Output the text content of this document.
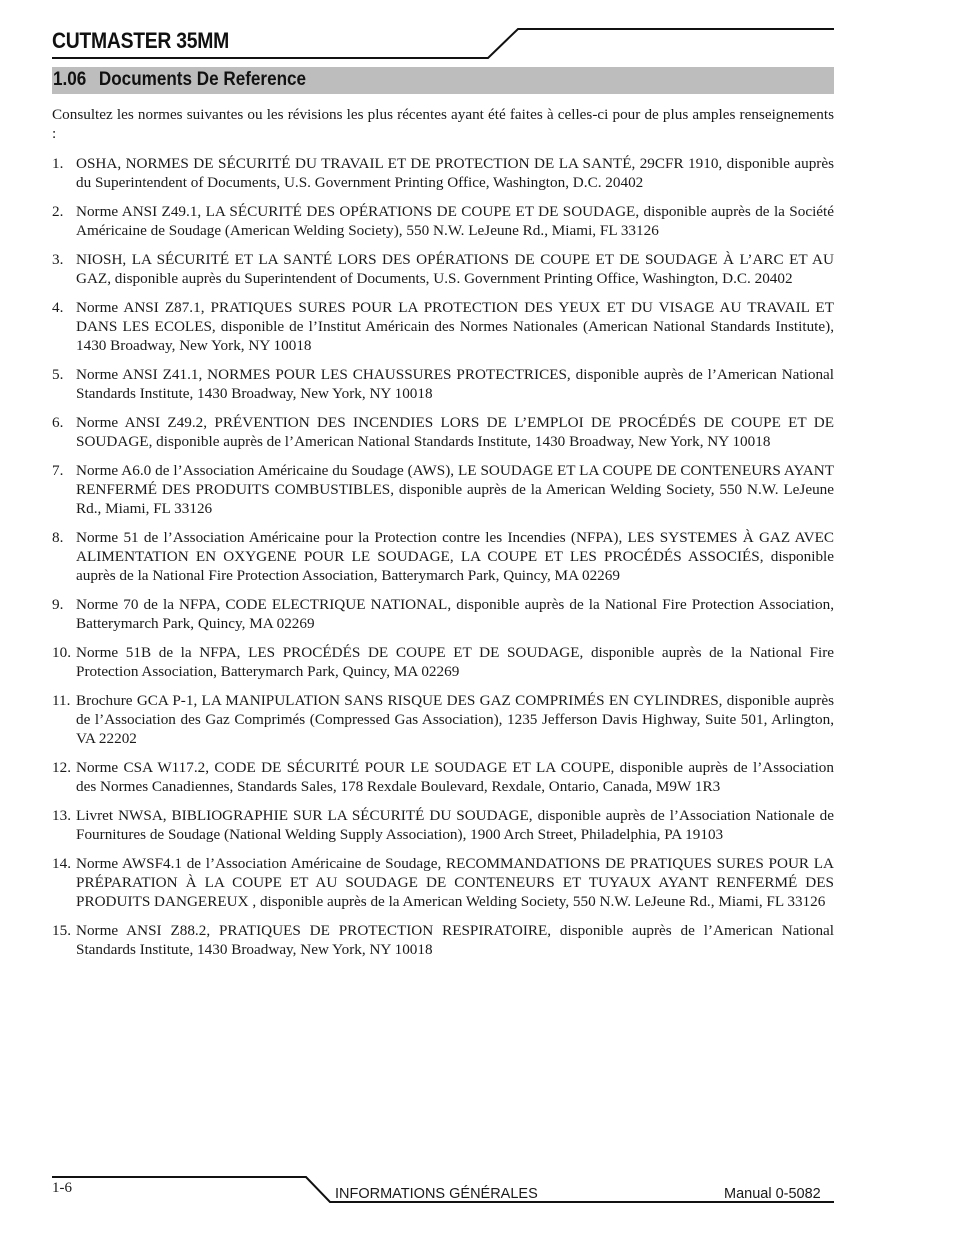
CUTMASTER 35MM
1.06 Documents De Reference
Consultez les normes suivantes ou les révisions les plus récentes ayant été faites à celles-ci pour de plus amples renseignements :
1. OSHA, NORMES DE SÉCURITÉ DU TRAVAIL ET DE PROTECTION DE LA SANTÉ, 29CFR 1910, disponible auprès du Superintendent of Documents, U.S. Government Printing Office, Washington, D.C. 20402
2. Norme ANSI Z49.1, LA SÉCURITÉ DES OPÉRATIONS DE COUPE ET DE SOUDAGE, disponible auprès de la Société Américaine de Soudage (American Welding Society), 550 N.W. LeJeune Rd., Miami, FL 33126
3. NIOSH, LA SÉCURITÉ ET LA SANTÉ LORS DES OPÉRATIONS DE COUPE ET DE SOUDAGE À L’ARC ET AU GAZ, disponible auprès du Superintendent of Documents, U.S. Government Printing Office, Washington, D.C. 20402
4. Norme ANSI Z87.1, PRATIQUES SURES POUR LA PROTECTION DES YEUX ET DU VISAGE AU TRAVAIL ET DANS LES ECOLES, disponible de l’Institut Américain des Normes Nationales (American National Standards Institute), 1430 Broadway, New York, NY 10018
5. Norme ANSI Z41.1, NORMES POUR LES CHAUSSURES PROTECTRICES, disponible auprès de l’American National Standards Institute, 1430 Broadway, New York, NY 10018
6. Norme ANSI Z49.2, PRÉVENTION DES INCENDIES LORS DE L’EMPLOI DE PROCÉDÉS DE COUPE ET DE SOUDAGE, disponible auprès de l’American National Standards Institute, 1430 Broadway, New York, NY 10018
7. Norme A6.0 de l’Association Américaine du Soudage (AWS), LE SOUDAGE ET LA COUPE DE CONTENEURS AYANT RENFERMÉ DES PRODUITS COMBUSTIBLES, disponible auprès de la American Welding Society, 550 N.W. LeJeune Rd., Miami, FL 33126
8. Norme 51 de l’Association Américaine pour la Protection contre les Incendies (NFPA), LES SYSTEMES À GAZ AVEC ALIMENTATION EN OXYGENE POUR LE SOUDAGE, LA COUPE ET LES PROCÉDÉS ASSOCIÉS, disponible auprès de la National Fire Protection Association, Batterymarch Park, Quincy, MA 02269
9. Norme 70 de la NFPA, CODE ELECTRIQUE NATIONAL, disponible auprès de la National Fire Protection Association, Batterymarch Park, Quincy, MA 02269
10. Norme 51B de la NFPA, LES PROCÉDÉS DE COUPE ET DE SOUDAGE, disponible auprès de la National Fire Protection Association, Batterymarch Park, Quincy, MA 02269
11. Brochure GCA P-1, LA MANIPULATION SANS RISQUE DES GAZ COMPRIMÉS EN CYLINDRES, disponible auprès de l’Association des Gaz Comprimés (Compressed Gas Association), 1235 Jefferson Davis Highway, Suite 501, Arlington, VA 22202
12. Norme CSA W117.2, CODE DE SÉCURITÉ POUR LE SOUDAGE ET LA COUPE, disponible auprès de l’Association des Normes Canadiennes, Standards Sales, 178 Rexdale Boulevard, Rexdale, Ontario, Canada, M9W 1R3
13. Livret NWSA, BIBLIOGRAPHIE SUR LA SÉCURITÉ DU SOUDAGE, disponible auprès de l’Association Nationale de Fournitures de Soudage (National Welding Supply Association), 1900 Arch Street, Philadelphia, PA 19103
14. Norme AWSF4.1 de l’Association Américaine de Soudage, RECOMMANDATIONS DE PRATIQUES SURES POUR LA PRÉPARATION À LA COUPE ET AU SOUDAGE DE CONTENEURS ET TUYAUX AYANT RENFERMÉ DES PRODUITS DANGEREUX , disponible auprès de la American Welding Society, 550 N.W. LeJeune Rd., Miami, FL 33126
15. Norme ANSI Z88.2, PRATIQUES DE PROTECTION RESPIRATOIRE, disponible auprès de l’American National Standards Institute, 1430 Broadway, New York, NY 10018
1-6	INFORMATIONS GÉNÉRALES	Manual 0-5082
